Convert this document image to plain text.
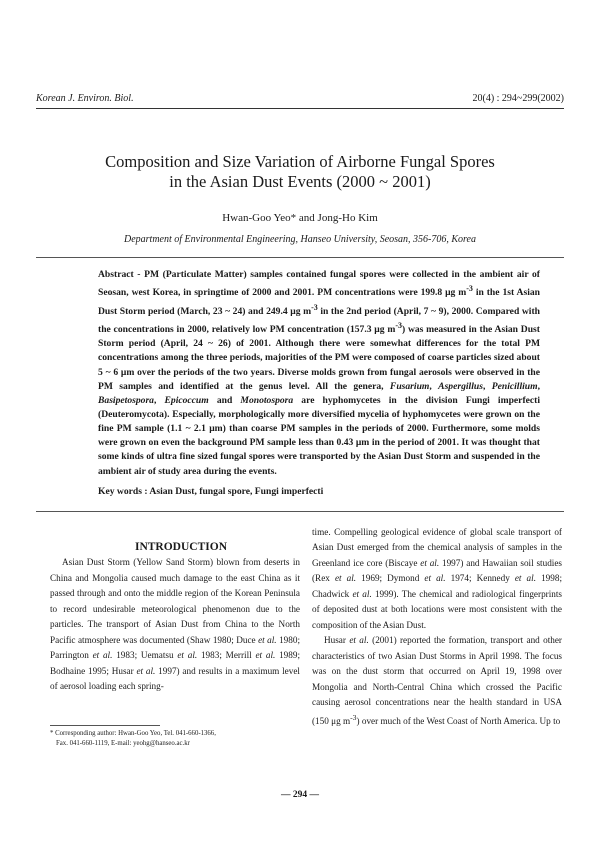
Korean J. Environ. Biol.	20(4) : 294~299(2002)
Composition and Size Variation of Airborne Fungal Spores
in the Asian Dust Events (2000 ~ 2001)
Hwan-Goo Yeo* and Jong-Ho Kim
Department of Environmental Engineering, Hanseo University, Seosan, 356-706, Korea

Abstract - PM (Particulate Matter) samples contained fungal spores were collected in the ambient air of Seosan, west Korea, in springtime of 2000 and 2001. PM concentrations were 199.8 μg $m^{-3}$ in the 1st Asian Dust Storm period (March, 23 ~ 24) and 249.4 μg $m^{-3}$ in the 2nd period (April, 7 ~ 9), 2000. Compared with the concentrations in 2000, relatively low PM concentration (157.3 μg $m^{-3}$) was measured in the Asian Dust Storm period (April, 24 ~ 26) of 2001. Although there were somewhat differences for the total PM concentrations among the three periods, majorities of the PM were composed of coarse particles sized about 5 ~ 6 μm over the periods of the two years. Diverse molds grown from fungal aerosols were observed in the PM samples and identified at the genus level. All the genera, Fusarium, Aspergillus, Penicillium, Basipetospora, Epicoccum and Monotospora are hyphomycetes in the division Fungi imperfecti (Deuteromycota). Especially, morphologically more diversified mycelia of hyphomycetes were grown on the fine PM sample (1.1 ~ 2.1 μm) than coarse PM samples in the periods of 2000. Furthermore, some molds were grown on even the background PM sample less than 0.43 μm in the period of 2001. It was thought that some kinds of ultra fine sized fungal spores were transported by the Asian Dust Storm and suspended in the ambient air of study area during the events.

Key words : Asian Dust, fungal spore, Fungi imperfecti

INTRODUCTION

Asian Dust Storm (Yellow Sand Storm) blown from deserts in China and Mongolia caused much damage to the east China as it passed through and onto the middle region of the Korean Peninsula to record undesirable meteorological phenomenon due to the particles. The transport of Asian Dust from China to the North Pacific atmosphere was documented (Shaw 1980; Duce et al. 1980; Parrington et al. 1983; Uematsu et al. 1983; Merrill et al. 1989; Bodhaine 1995; Husar et al. 1997) and results in a maximum level of aerosol loading each spring-

* Corresponding author: Hwan-Goo Yeo, Tel. 041-660-1366,
Fax. 041-660-1119, E-mail: yeohg@hanseo.ac.kr

time. Compelling geological evidence of global scale transport of Asian Dust emerged from the chemical analysis of samples in the Greenland ice core (Biscaye et al. 1997) and Hawaiian soil studies (Rex et al. 1969; Dymond et al. 1974; Kennedy et al. 1998; Chadwick et al. 1999). The chemical and radiological fingerprints of deposited dust at both locations were most consistent with the composition of the Asian Dust.

Husar et al. (2001) reported the formation, transport and other characteristics of two Asian Dust Storms in April 1998. The focus was on the dust storm that occurred on April 19, 1998 over Mongolia and North-Central China which crossed the Pacific causing aerosol concentrations near the health standard in USA (150 μg $m^{-3}$) over much of the West Coast of North America. Up to

— 294 —
